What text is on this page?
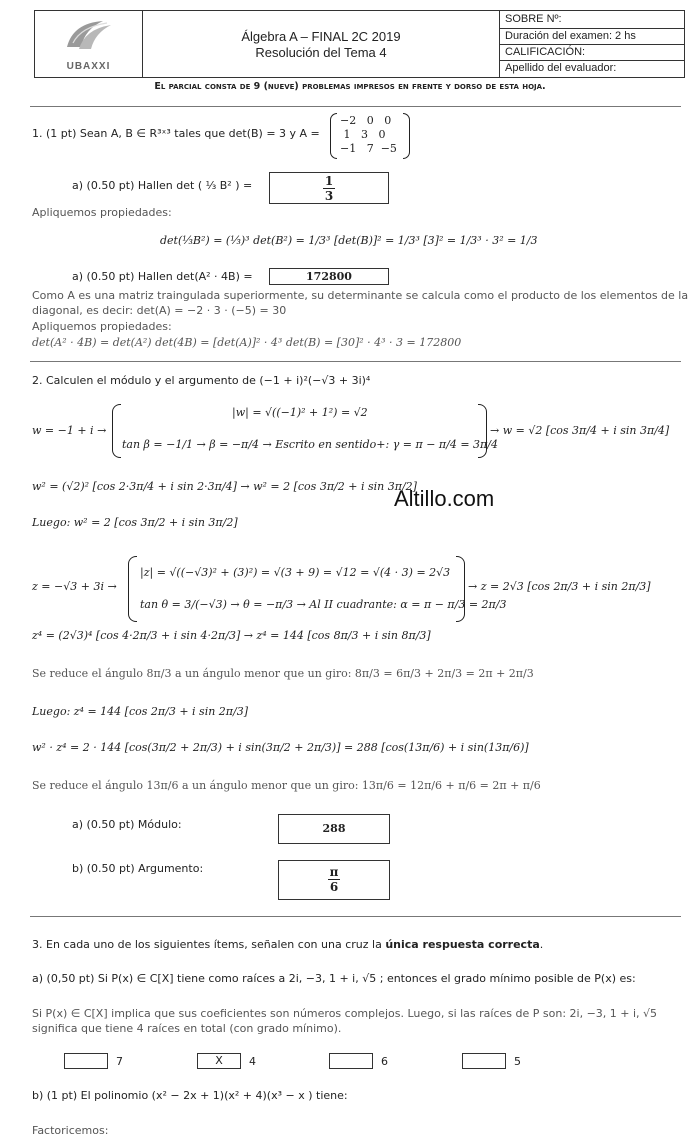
UBAXXI
Álgebra A – FINAL 2C 2019
Resolución del Tema 4
SOBRE Nº:
Duración del examen: 2 hs
CALIFICACIÓN:
Apellido del evaluador:
El parcial consta de 9 (nueve) problemas impresos en frente y dorso de esta hoja.
1. (1 pt) Sean A, B ∈ R³ˣ³ tales que det(B) = 3 y A =
−2   0   0
1   3   0
−1   7  −5
a) (0.50 pt) Hallen det ( ⅓ B² ) =	$\frac{1}{3}$
Apliquemos propiedades:
det(⅓B²) = (⅓)³ det(B²) = 1/3³ [det(B)]² = 1/3³ [3]² = 1/3³ · 3² = 1/3
a) (0.50 pt) Hallen det(A² · 4B) =	172800
Como A es una matriz traingulada superiormente, su determinante se calcula como el producto de los elementos de la
diagonal, es decir: det(A) = −2 · 3 · (−5) = 30
Apliquemos propiedades:
det(A² · 4B) = det(A²) det(4B) = [det(A)]² · 4³ det(B) = [30]² · 4³ · 3 = 172800
2. Calculen el módulo y el argumento de (−1 + i)²(−√3 + 3i)⁴
w = −1 + i →
|w| = √((−1)² + 1²) = √2
tan β = −1/1 → β = −π/4 → Escrito en sentido+: γ = π − π/4 = 3π/4
→ w = √2 [cos 3π/4 + i sin 3π/4]
w² = (√2)² [cos 2·3π/4 + i sin 2·3π/4] → w² = 2 [cos 3π/2 + i sin 3π/2]
Luego: w² = 2 [cos 3π/2 + i sin 3π/2]
Altillo.com
z = −√3 + 3i →
|z| = √((−√3)² + (3)²) = √(3 + 9) = √12 = √(4 · 3) = 2√3
tan θ = 3/(−√3) → θ = −π/3 → Al II cuadrante: α = π − π/3 = 2π/3
→ z = 2√3 [cos 2π/3 + i sin 2π/3]
z⁴ = (2√3)⁴ [cos 4·2π/3 + i sin 4·2π/3] → z⁴ = 144 [cos 8π/3 + i sin 8π/3]
Se reduce el ángulo 8π/3 a un ángulo menor que un giro: 8π/3 = 6π/3 + 2π/3 = 2π + 2π/3
Luego: z⁴ = 144 [cos 2π/3 + i sin 2π/3]
w² · z⁴ = 2 · 144 [cos(3π/2 + 2π/3) + i sin(3π/2 + 2π/3)] = 288 [cos(13π/6) + i sin(13π/6)]
Se reduce el ángulo 13π/6 a un ángulo menor que un giro: 13π/6 = 12π/6 + π/6 = 2π + π/6
a) (0.50 pt) Módulo:	288
b) (0.50 pt) Argumento:	$\frac{\pi}{6}$
3. En cada uno de los siguientes ítems, señalen con una cruz la única respuesta correcta.
a) (0,50 pt) Si P(x) ∈ C[X] tiene como raíces a 2i, −3, 1 + i, √5 ; entonces el grado mínimo posible de P(x) es:
Si P(x) ∈ C[X] implica que sus coeficientes son números complejos. Luego, si las raíces de P son: 2i, −3, 1 + i, √5
significa que tiene 4 raíces en total (con grado mínimo).
7	X	4	6	5
b) (1 pt) El polinomio (x² − 2x + 1)(x² + 4)(x³ − x ) tiene:
Factoricemos:
